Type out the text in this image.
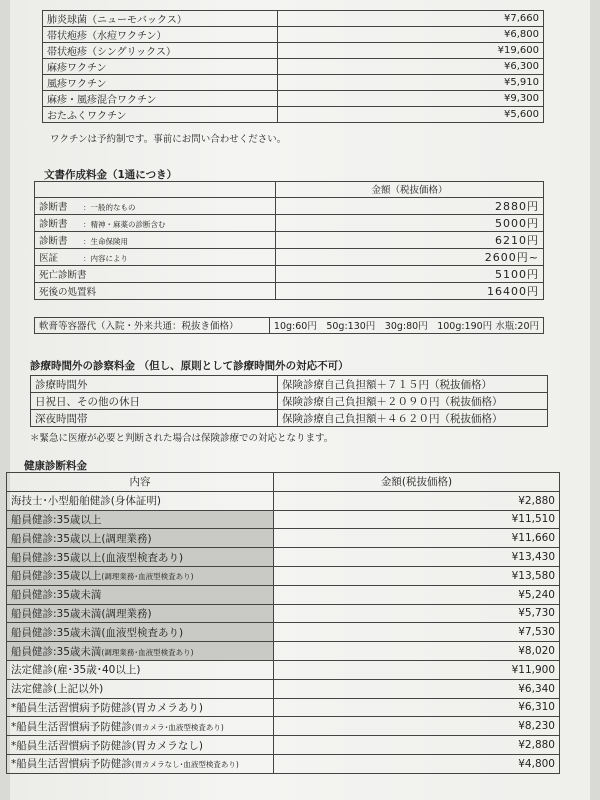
肺炎球菌（ニューモバックス）	¥7,660
帯状疱疹（水痘ワクチン）	¥6,800
帯状疱疹（シングリックス）	¥19,600
麻疹ワクチン	¥6,300
風疹ワクチン	¥5,910
麻疹・風疹混合ワクチン	¥9,300
おたふくワクチン	¥5,600
ワクチンは予約制です。事前にお問い合わせください。
文書作成料金（1通につき）
	金額（税抜価格）
診断書 ：一般的なもの	2880円
診断書 ：精神・麻薬の診断含む	5000円
診断書 ：生命保険用	6210円
医証 ：内容により	2600円~
死亡診断書	5100円
死後の処置料	16400円
軟膏等容器代（入院・外来共通：税抜き価格）	10g:60円　50g:130円　30g:80円　100g:190円 水瓶:20円
診療時間外の診察料金 （但し、原則として診療時間外の対応不可）
診療時間外	保険診療自己負担額＋７１５円（税抜価格）
日祝日、その他の休日	保険診療自己負担額＋２０９０円（税抜価格）
深夜時間帯	保険診療自己負担額＋４６２０円（税抜価格）
＊緊急に医療が必要と判断された場合は保険診療での対応となります。
健康診断料金
内容	金額(税抜価格)
海技士･小型船舶健診(身体証明)	¥2,880
船員健診:35歳以上	¥11,510
船員健診:35歳以上(調理業務)	¥11,660
船員健診:35歳以上(血液型検査あり)	¥13,430
船員健診:35歳以上(調理業務･血液型検査あり)	¥13,580
船員健診:35歳未満	¥5,240
船員健診:35歳未満(調理業務)	¥5,730
船員健診:35歳未満(血液型検査あり)	¥7,530
船員健診:35歳未満(調理業務･血液型検査あり)	¥8,020
法定健診(雇･35歳･40以上)	¥11,900
法定健診(上記以外)	¥6,340
*船員生活習慣病予防健診(胃カメラあり)	¥6,310
*船員生活習慣病予防健診(胃カメラ･血液型検査あり)	¥8,230
*船員生活習慣病予防健診(胃カメラなし)	¥2,880
*船員生活習慣病予防健診(胃カメラなし･血液型検査あり)	¥4,800
